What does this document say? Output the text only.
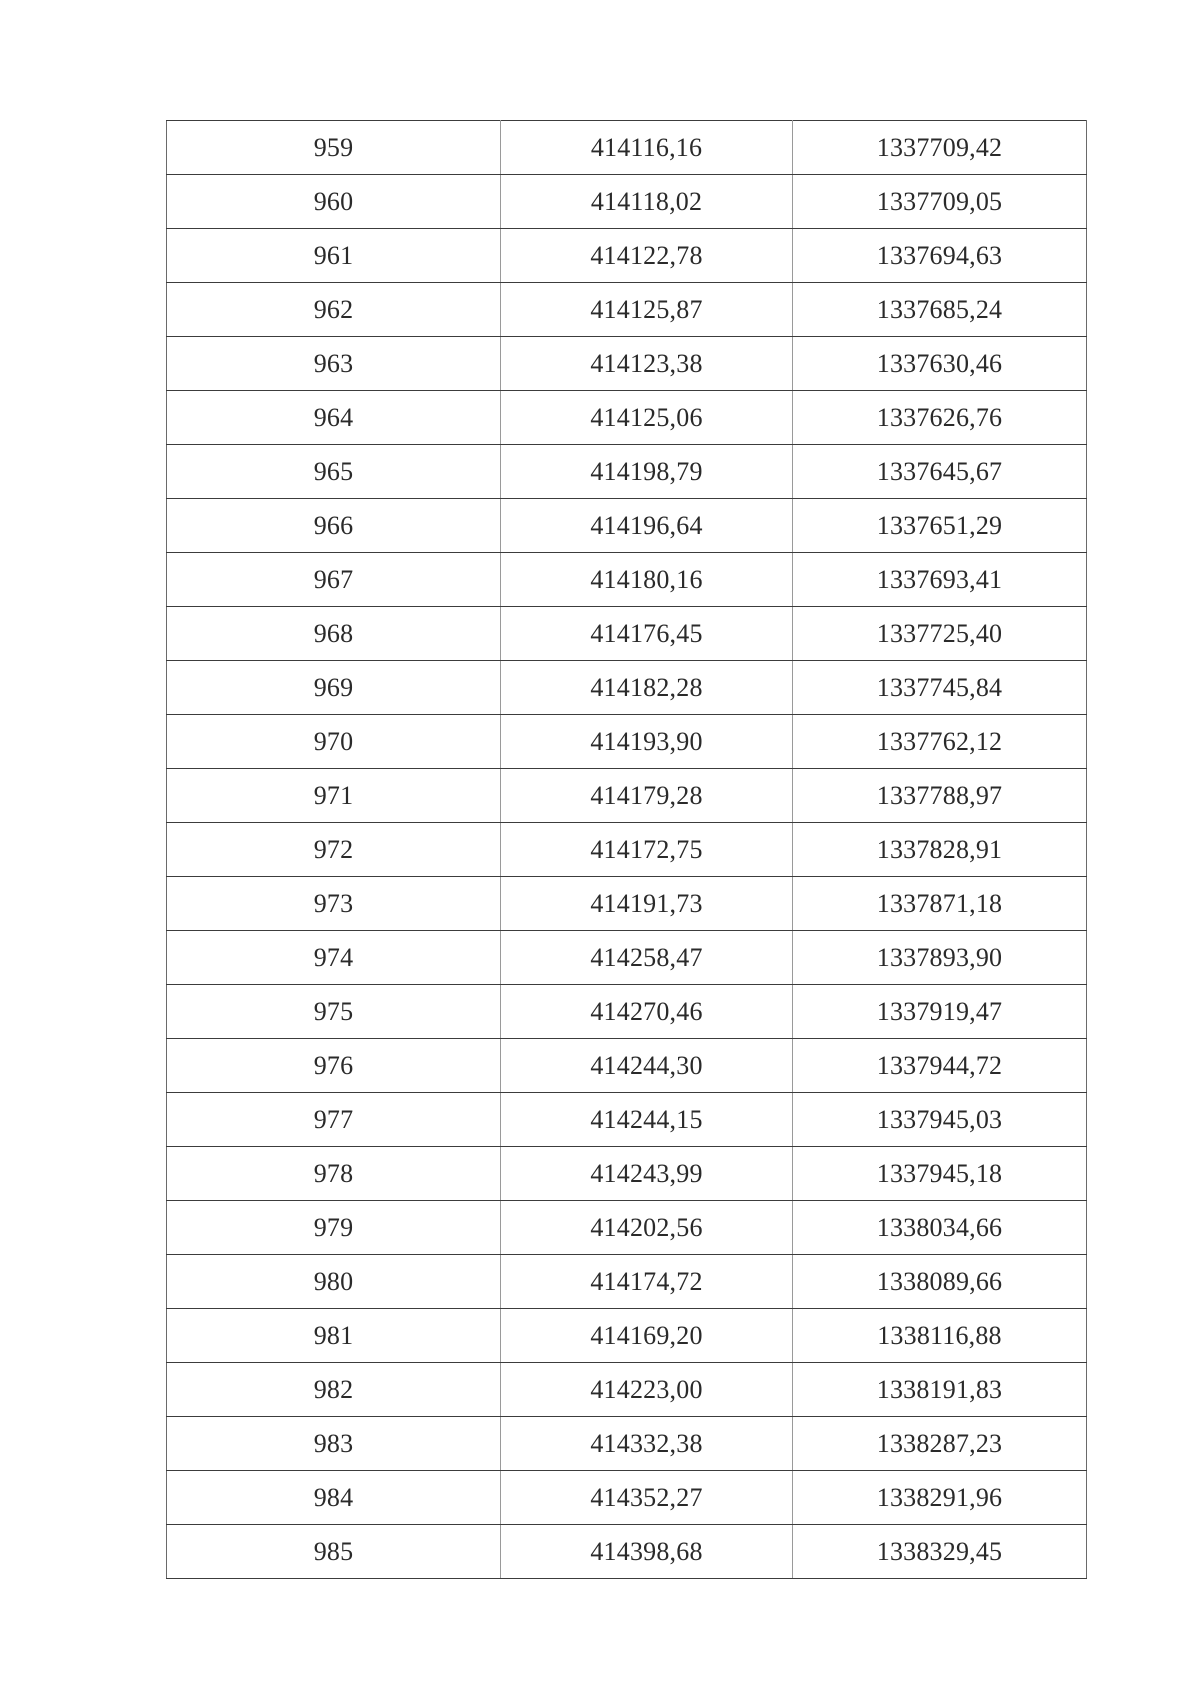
959	414116,16	1337709,42
960	414118,02	1337709,05
961	414122,78	1337694,63
962	414125,87	1337685,24
963	414123,38	1337630,46
964	414125,06	1337626,76
965	414198,79	1337645,67
966	414196,64	1337651,29
967	414180,16	1337693,41
968	414176,45	1337725,40
969	414182,28	1337745,84
970	414193,90	1337762,12
971	414179,28	1337788,97
972	414172,75	1337828,91
973	414191,73	1337871,18
974	414258,47	1337893,90
975	414270,46	1337919,47
976	414244,30	1337944,72
977	414244,15	1337945,03
978	414243,99	1337945,18
979	414202,56	1338034,66
980	414174,72	1338089,66
981	414169,20	1338116,88
982	414223,00	1338191,83
983	414332,38	1338287,23
984	414352,27	1338291,96
985	414398,68	1338329,45
